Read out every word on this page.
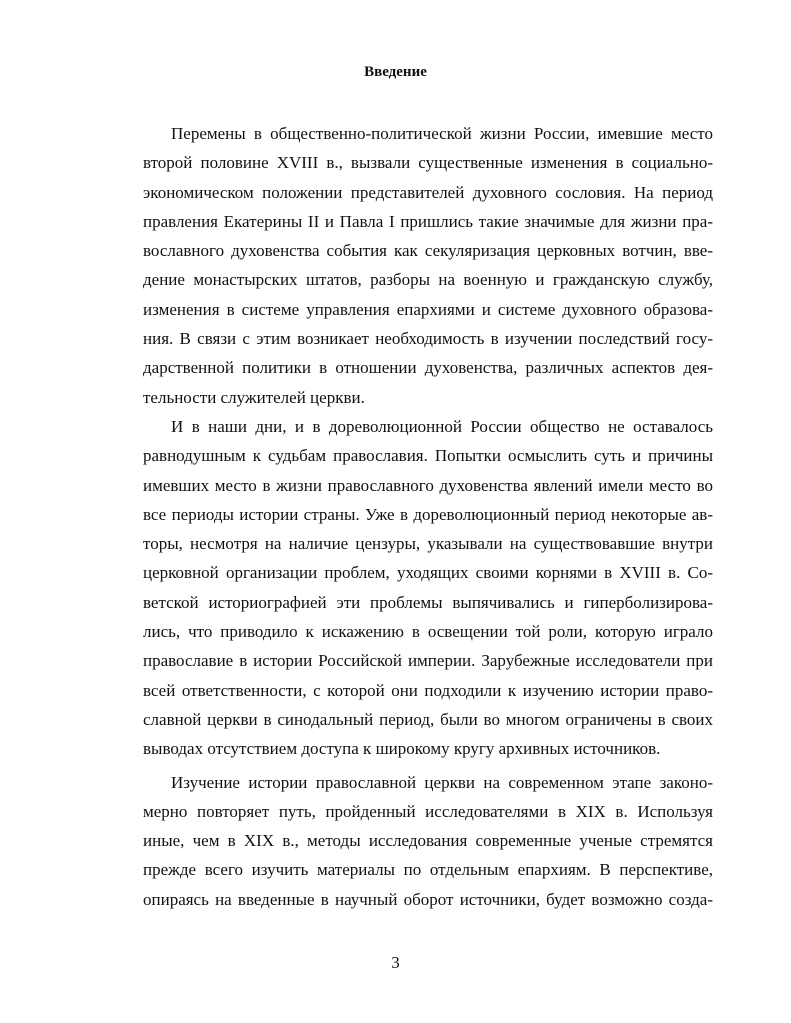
Введение
Перемены в общественно-политической жизни России, имевшие место
второй половине XVIII в., вызвали существенные изменения в социально-
экономическом положении представителей духовного сословия. На период
правления Екатерины II и Павла I пришлись такие значимые для жизни пра-
вославного духовенства события как секуляризация церковных вотчин, вве-
дение монастырских штатов, разборы на военную и гражданскую службу,
изменения в системе управления епархиями и системе духовного образова-
ния. В связи с этим возникает необходимость в изучении последствий госу-
дарственной политики в отношении духовенства, различных аспектов дея-
тельности служителей церкви.
И в наши дни, и в дореволюционной России общество не оставалось
равнодушным к судьбам православия. Попытки осмыслить суть и причины
имевших место в жизни православного духовенства явлений имели место во
все периоды истории страны. Уже в дореволюционный период некоторые ав-
торы, несмотря на наличие цензуры, указывали на существовавшие внутри
церковной организации проблем, уходящих своими корнями в XVIII в. Со-
ветской историографией эти проблемы выпячивались и гиперболизирова-
лись, что приводило к искажению в освещении той роли, которую играло
православие в истории Российской империи. Зарубежные исследователи при
всей ответственности, с которой они подходили к изучению истории право-
славной церкви в синодальный период, были во многом ограничены в своих
выводах отсутствием доступа к широкому кругу архивных источников.
Изучение истории православной церкви на современном этапе законо-
мерно повторяет путь, пройденный исследователями в XIX в. Используя
иные, чем в XIX в., методы исследования современные ученые стремятся
прежде всего изучить материалы по отдельным епархиям. В перспективе,
опираясь на введенные в научный оборот источники, будет возможно созда-
3
